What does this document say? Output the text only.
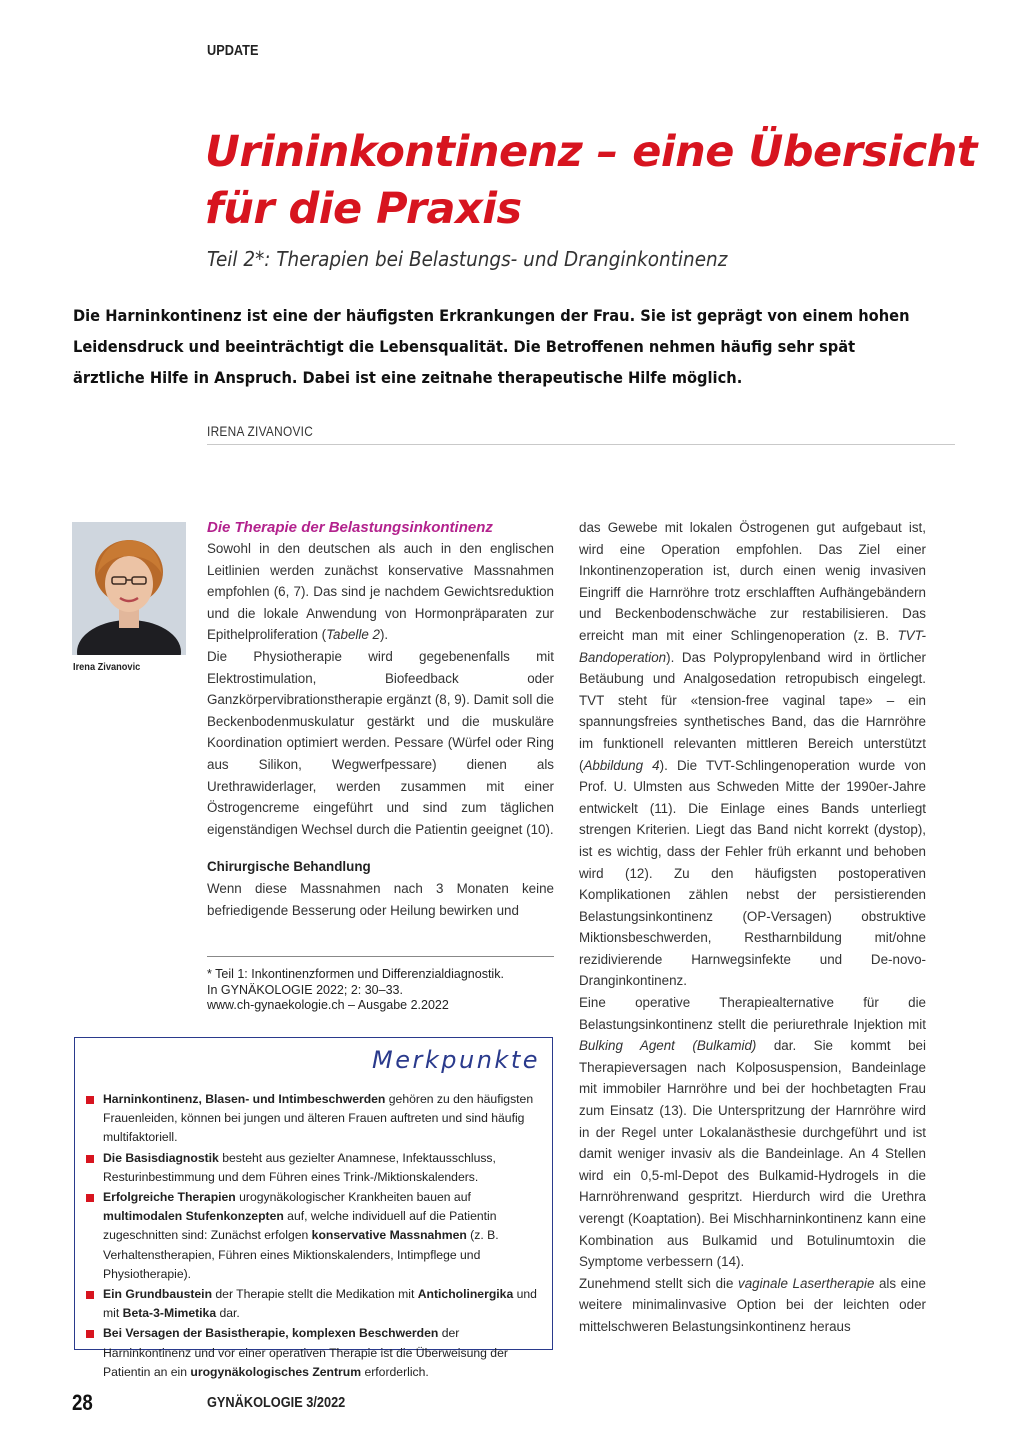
UPDATE
Urininkontinenz – eine Übersicht
für die Praxis
Teil 2*: Therapien bei Belastungs- und Dranginkontinenz
Die Harninkontinenz ist eine der häufigsten Erkrankungen der Frau. Sie ist geprägt von einem hohen Leidensdruck und beeinträchtigt die Lebensqualität. Die Betroffenen nehmen häufig sehr spät ärztliche Hilfe in Anspruch. Dabei ist eine zeitnahe therapeutische Hilfe möglich.
IRENA ZIVANOVIC
Irena Zivanovic
Die Therapie der Belastungsinkontinenz

Sowohl in den deutschen als auch in den englischen Leitlinien werden zunächst konservative Massnahmen empfohlen (6, 7). Das sind je nachdem Gewichtsreduktion und die lokale Anwendung von Hormonpräparaten zur Epithelproliferation (Tabelle 2).

Die Physiotherapie wird gegebenenfalls mit Elektrostimulation, Biofeedback oder Ganzkörpervibrationstherapie ergänzt (8, 9). Damit soll die Beckenbodenmuskulatur gestärkt und die muskuläre Koordination optimiert werden. Pessare (Würfel oder Ring aus Silikon, Wegwerfpessare) dienen als Urethrawiderlager, werden zusammen mit einer Östrogencreme eingeführt und sind zum täglichen eigenständigen Wechsel durch die Patientin geeignet (10).

Chirurgische Behandlung

Wenn diese Massnahmen nach 3 Monaten keine befriedigende Besserung oder Heilung bewirken und

* Teil 1: Inkontinenzformen und Differenzialdiagnostik.
In GYNÄKOLOGIE 2022; 2: 30–33.
www.ch-gynaekologie.ch – Ausgabe 2.2022

das Gewebe mit lokalen Östrogenen gut aufgebaut ist, wird eine Operation empfohlen. Das Ziel einer Inkontinenzoperation ist, durch einen wenig invasiven Eingriff die Harnröhre trotz erschlafften Aufhängebändern und Beckenbodenschwäche zur restabilisieren. Das erreicht man mit einer Schlingenoperation (z. B. TVT-Bandoperation). Das Polypropylenband wird in örtlicher Betäubung und Analgosedation retropubisch eingelegt. TVT steht für «tension-free vaginal tape» – ein spannungsfreies synthetisches Band, das die Harnröhre im funktionell relevanten mittleren Bereich unterstützt (Abbildung 4). Die TVT-Schlingenoperation wurde von Prof. U. Ulmsten aus Schweden Mitte der 1990er-Jahre entwickelt (11). Die Einlage eines Bands unterliegt strengen Kriterien. Liegt das Band nicht korrekt (dystop), ist es wichtig, dass der Fehler früh erkannt und behoben wird (12). Zu den häufigsten postoperativen Komplikationen zählen nebst der persistierenden Belastungsinkontinenz (OP-Versagen) obstruktive Miktionsbeschwerden, Restharnbildung mit/ohne rezidivierende Harnwegsinfekte und De-novo-Dranginkontinenz.

Eine operative Therapiealternative für die Belastungsinkontinenz stellt die periurethrale Injektion mit Bulking Agent (Bulkamid) dar. Sie kommt bei Therapieversagen nach Kolposuspension, Bandeinlage mit immobiler Harnröhre und bei der hochbetagten Frau zum Einsatz (13). Die Unterspritzung der Harnröhre wird in der Regel unter Lokalanästhesie durchgeführt und ist damit weniger invasiv als die Bandeinlage. An 4 Stellen wird ein 0,5-ml-Depot des Bulkamid-Hydrogels in die Harnröhrenwand gespritzt. Hierdurch wird die Urethra verengt (Koaptation). Bei Mischharninkontinenz kann eine Kombination aus Bulkamid und Botulinumtoxin die Symptome verbessern (14).

Zunehmend stellt sich die vaginale Lasertherapie als eine weitere minimalinvasive Option bei der leichten oder mittelschweren Belastungsinkontinenz heraus

Merkpunkte
Harninkontinenz, Blasen- und Intimbeschwerden gehören zu den häufigsten Frauenleiden, können bei jungen und älteren Frauen auftreten und sind häufig multifaktoriell.
Die Basisdiagnostik besteht aus gezielter Anamnese, Infektausschluss, Resturinbestimmung und dem Führen eines Trink-/Miktionskalenders.
Erfolgreiche Therapien urogynäkologischer Krankheiten bauen auf multimodalen Stufenkonzepten auf, welche individuell auf die Patientin zugeschnitten sind: Zunächst erfolgen konservative Massnahmen (z. B. Verhaltenstherapien, Führen eines Miktionskalenders, Intimpflege und Physiotherapie).
Ein Grundbaustein der Therapie stellt die Medikation mit Anticholinergika und mit Beta-3-Mimetika dar.
Bei Versagen der Basistherapie, komplexen Beschwerden der Harninkontinenz und vor einer operativen Therapie ist die Überweisung der Patientin an ein urogynäkologisches Zentrum erforderlich.
28	GYNÄKOLOGIE 3/2022
